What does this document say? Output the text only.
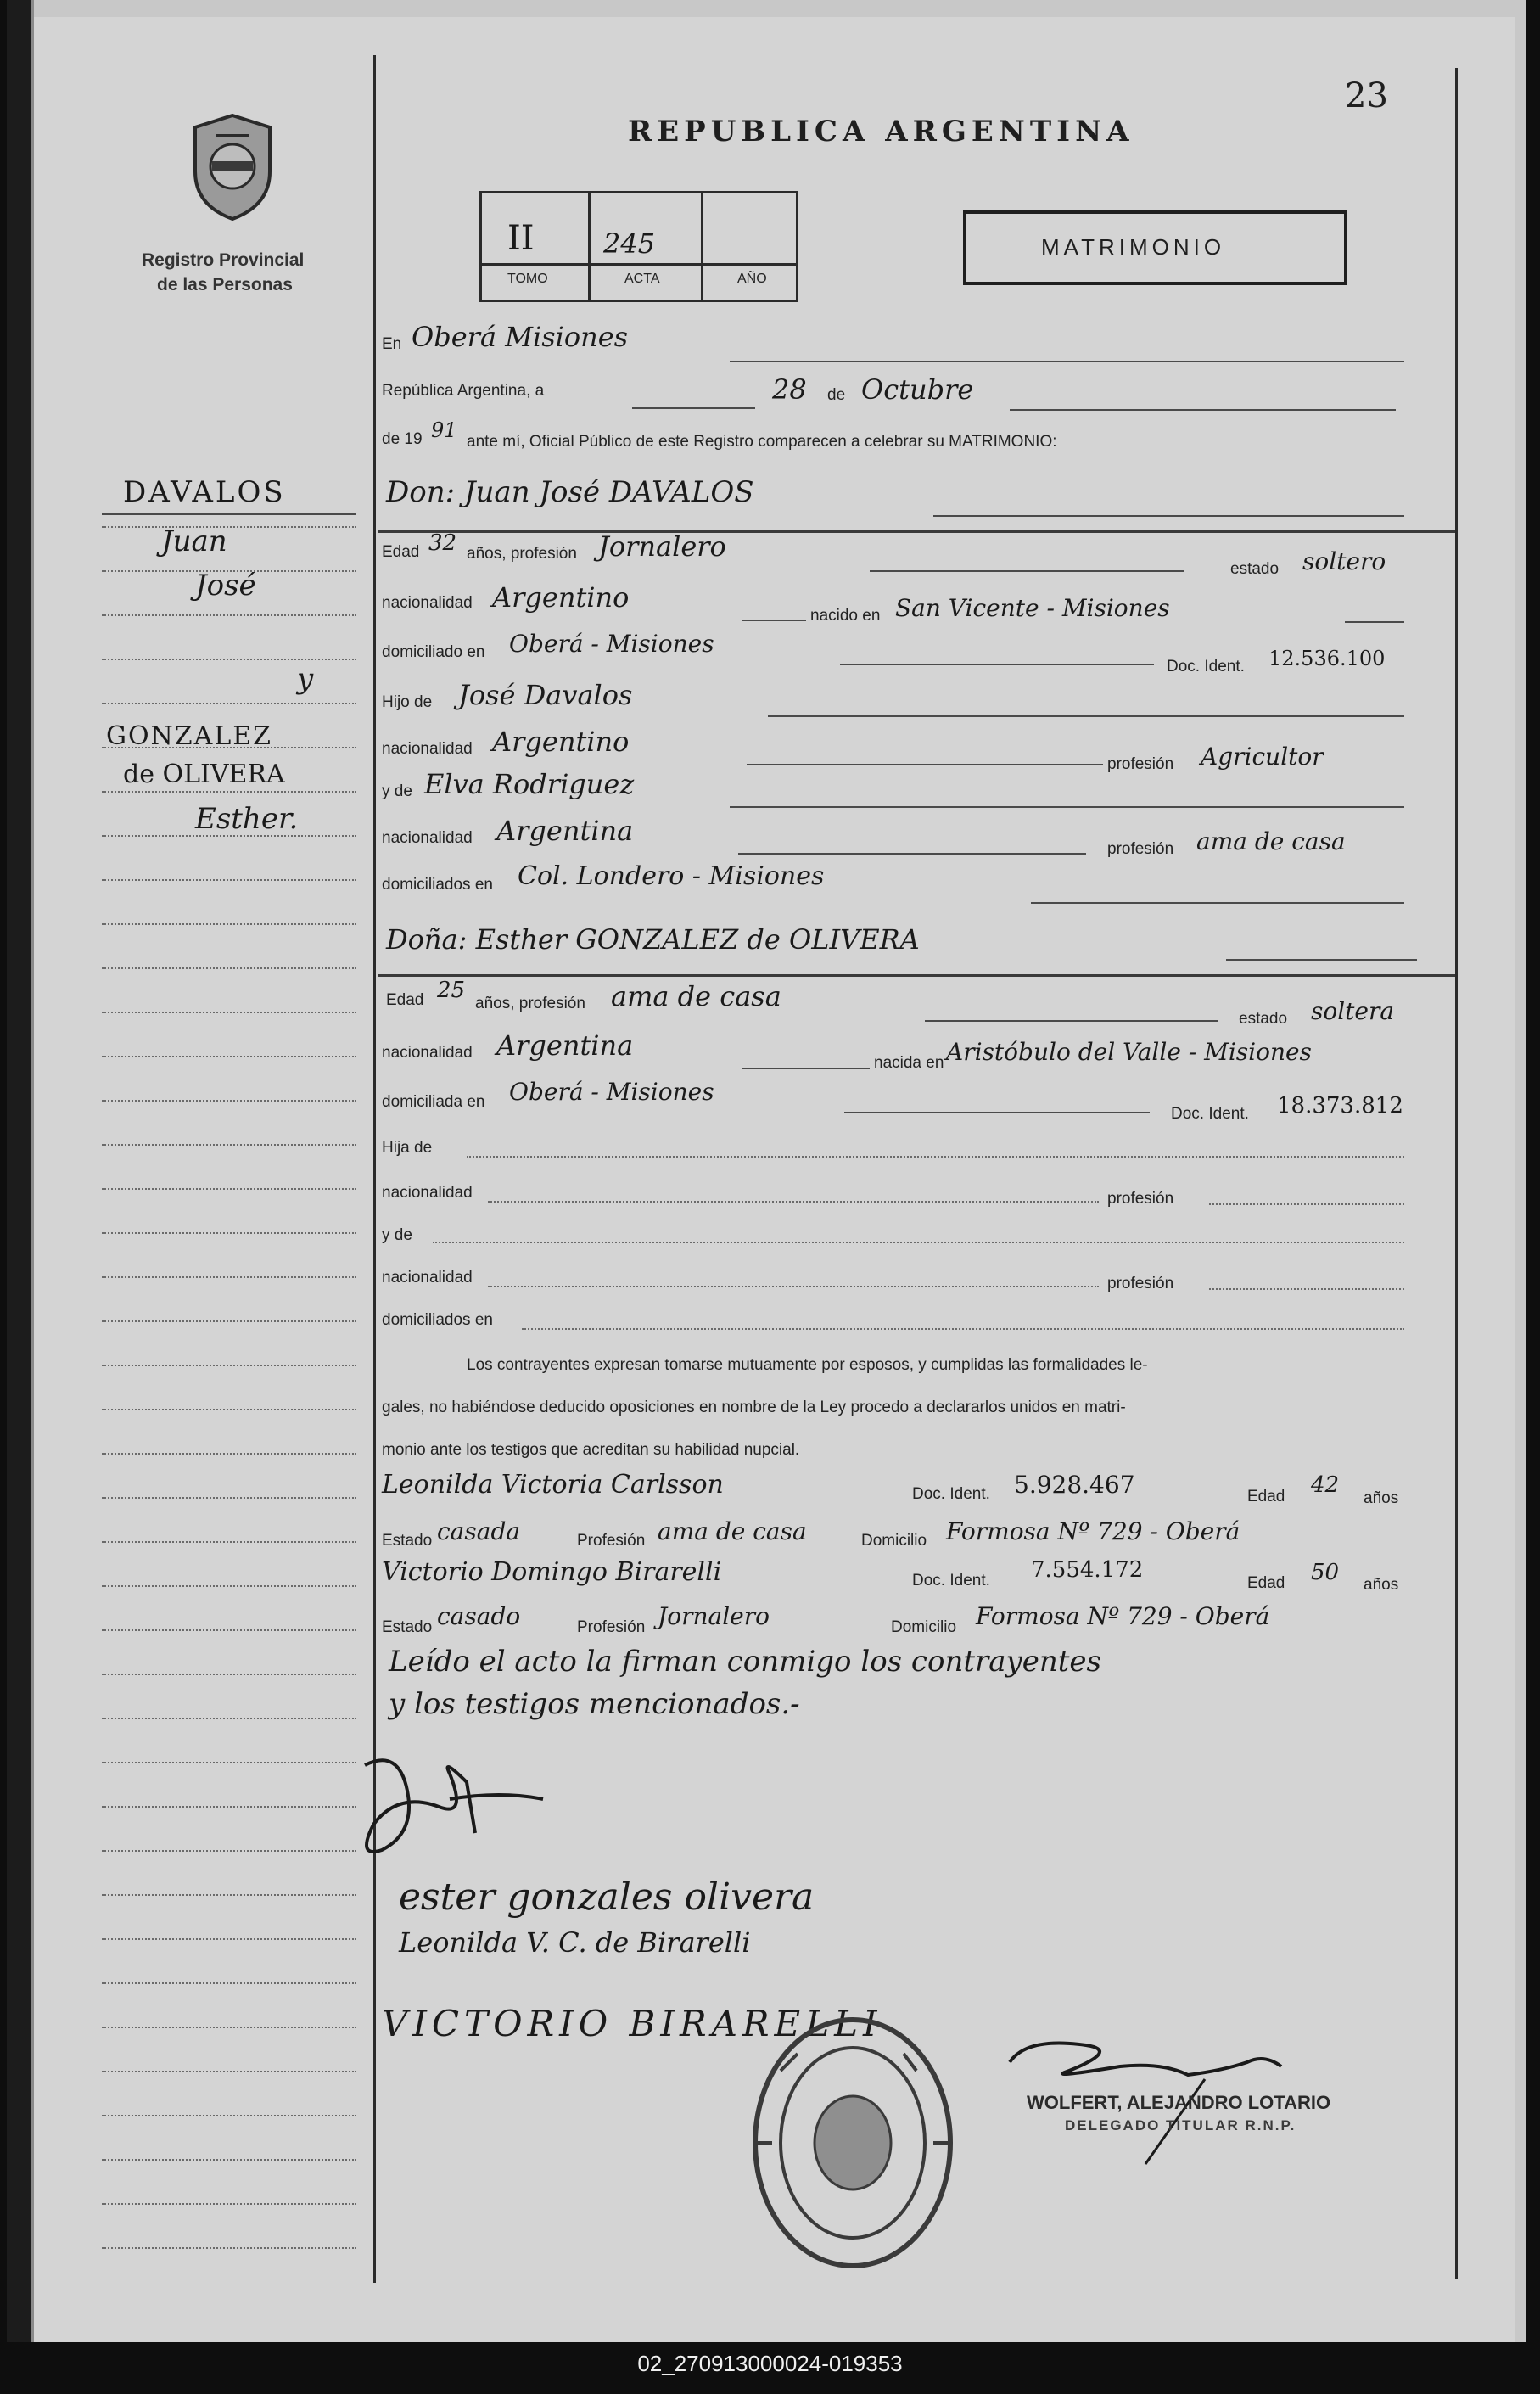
Registro Provincial
de las Personas
REPUBLICA ARGENTINA
23
II
TOMO
245
ACTA	AÑO
MATRIMONIO
DAVALOS
Juan
José
y
GONZALEZ
de OLIVERA
Esther.
En Oberá Misiones
República Argentina, a	28 de Octubre
de 19 91 ante mí, Oficial Público de este Registro comparecen a celebrar su MATRIMONIO:
Don: Juan José DAVALOS
Edad 32 años, profesión Jornalero
estado soltero
nacionalidad Argentino
nacido en San Vicente - Misiones
domiciliado en Oberá - Misiones
Doc. Ident. 12.536.100
Hijo de José Davalos
nacionalidad Argentino
profesión Agricultor
y de Elva Rodriguez
nacionalidad Argentina
profesión ama de casa
domiciliados en Col. Londero - Misiones
Doña: Esther GONZALEZ de OLIVERA
Edad 25
años, profesión ama de casa
estado soltera
nacionalidad Argentina
nacida en Aristóbulo del Valle - Misiones
domiciliada en Oberá - Misiones
Doc. Ident. 18.373.812
Hija de
nacionalidad	profesión
y de
nacionalidad	profesión
domiciliados en
Los contrayentes expresan tomarse mutuamente por esposos, y cumplidas las formalidades le-
gales, no habiéndose deducido oposiciones en nombre de la Ley procedo a declararlos unidos en matri-
monio ante los testigos que acreditan su habilidad nupcial.
Leonilda Victoria Carlsson	Doc. Ident. 5.928.467	Edad 42
años
Estado casada	Profesión ama de casa	Domicilio Formosa Nº 729 - Oberá
Victorio Domingo Birarelli	Doc. Ident. 7.554.172
Edad 50 años
Estado casado	Profesión Jornalero	Domicilio Formosa Nº 729 - Oberá
Leído el acto la firman conmigo los contrayentes
y los testigos mencionados.-
ester gonzales olivera
Leonilda V. C. de Birarelli
VICTORIO BIRARELLI
WOLFERT, ALEJANDRO LOTARIO
DELEGADO TITULAR R.N.P.
02_270913000024-019353
